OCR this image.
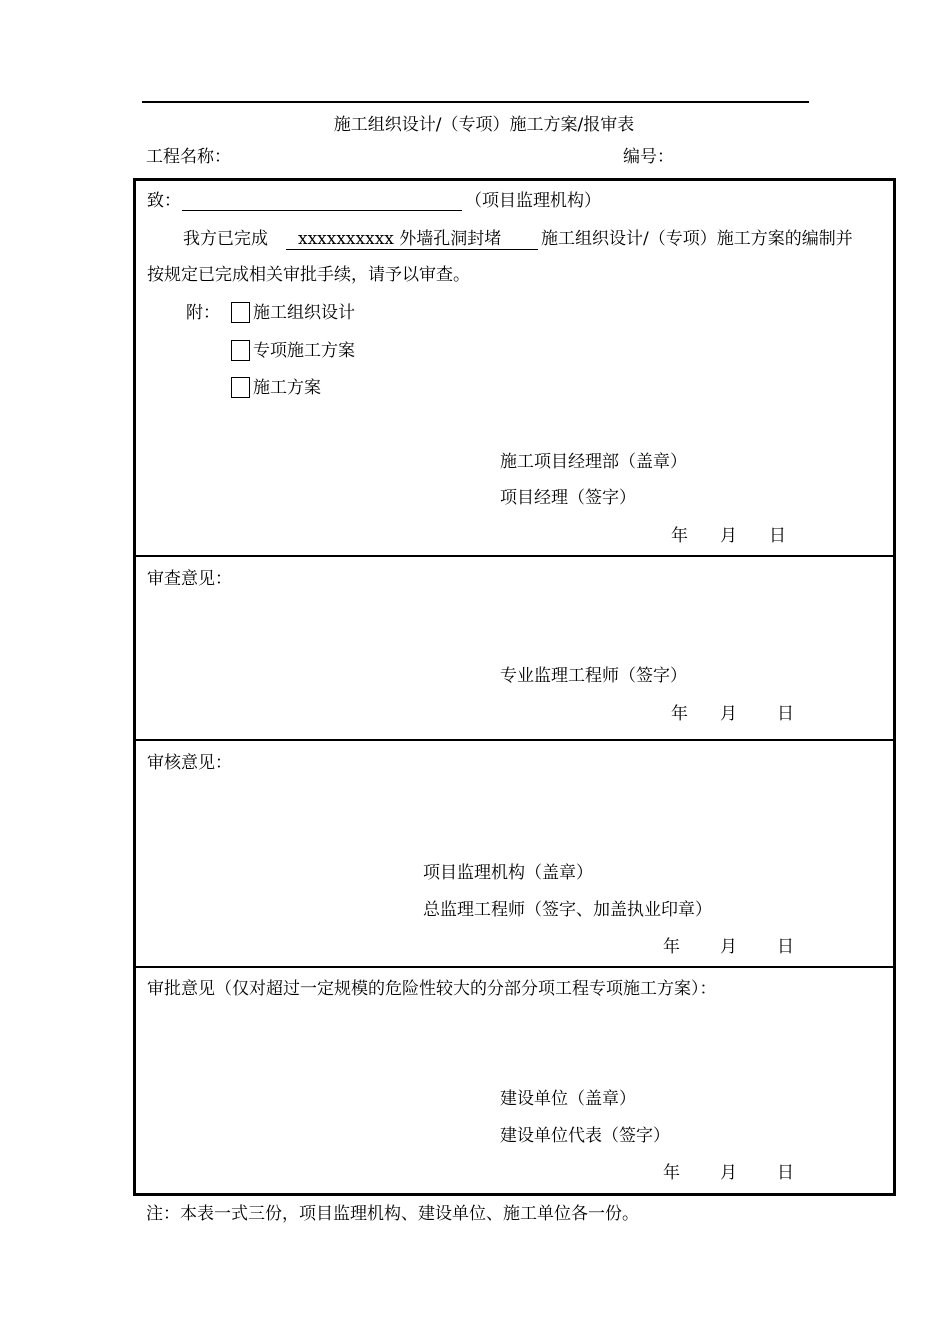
施工组织设计/（专项）施工方案/报审表
工程名称：	编号：
致：	（项目监理机构）
我方已完成	xxxxxxxxxx 外墙孔洞封堵	施工组织设计/（专项）施工方案的编制并
按规定已完成相关审批手续，请予以审查。
附： 施工组织设计
专项施工方案
施工方案
施工项目经理部（盖章）
项目经理（签字）
年 月 日
审查意见：
专业监理工程师（签字）
年 月 日
审核意见：
项目监理机构（盖章）
总监理工程师（签字、加盖执业印章）
年 月 日
审批意见（仅对超过一定规模的危险性较大的分部分项工程专项施工方案）：
建设单位（盖章）
建设单位代表（签字）
年 月 日
注：本表一式三份，项目监理机构、建设单位、施工单位各一份。
